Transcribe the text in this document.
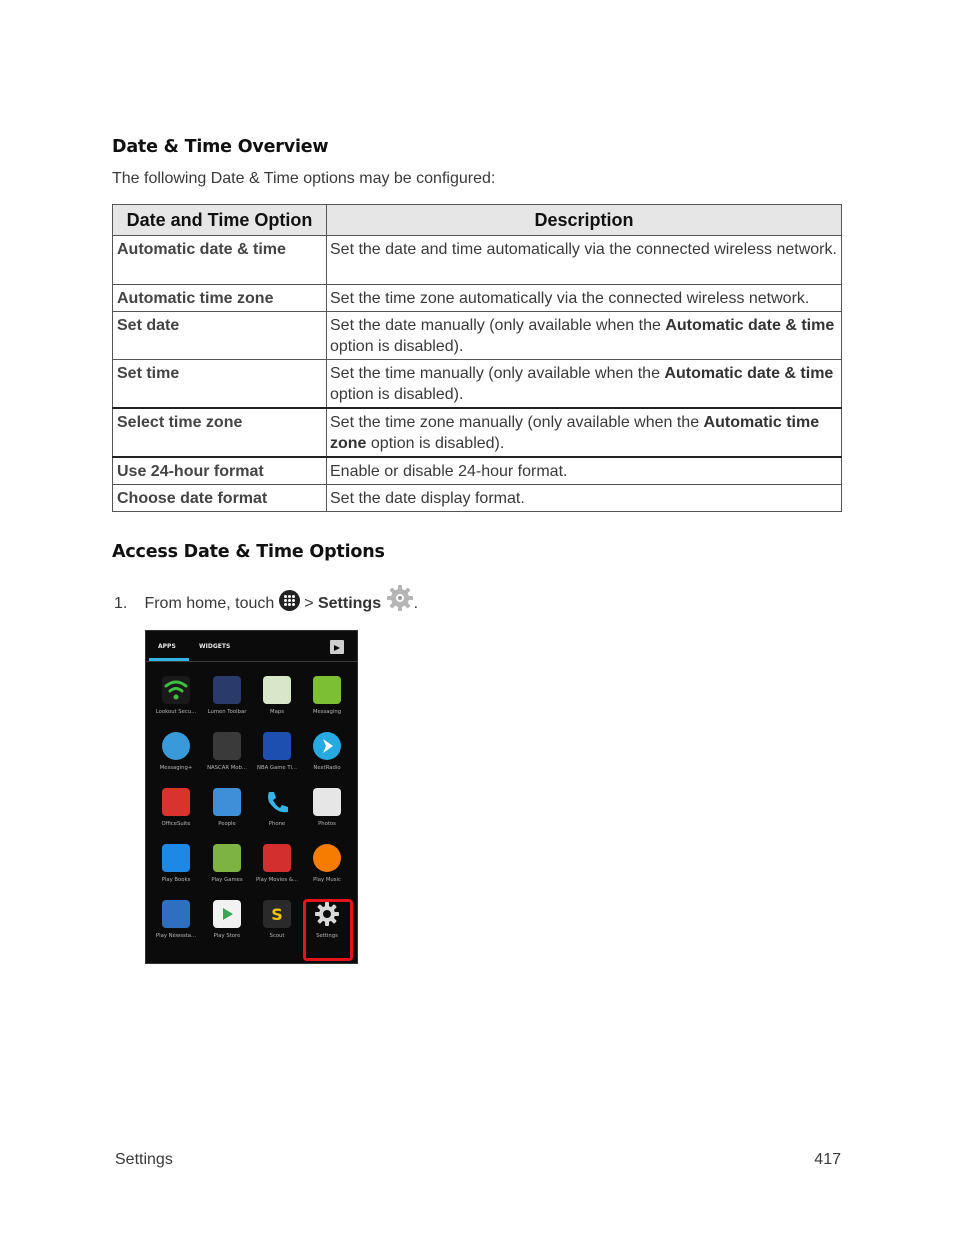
Date & Time Overview
The following Date & Time options may be configured:
Date and Time Option	Description
Automatic date & time	Set the date and time automatically via the connected wireless network.
Automatic time zone	Set the time zone automatically via the connected wireless network.
Set date	Set the date manually (only available when the Automatic date & time option is disabled).
Set time	Set the time manually (only available when the Automatic date & time option is disabled).
Select time zone	Set the time zone manually (only available when the Automatic time zone option is disabled).
Use 24-hour format	Enable or disable 24-hour format.
Choose date format	Set the date display format.
Access Date & Time Options
1. From home, touch > Settings .
APPS	WIDGETS
Lookout Secu...	Lumen Toolbar	Maps	Messaging
Messaging+	NASCAR Mob...	NBA Game Ti...	NextRadio
OfficeSuite	People	Phone	Photos
Play Books	Play Games	Play Movies &...	Play Music
Play Newssta...	Play Store
S
Scout	Settings
Settings	417
